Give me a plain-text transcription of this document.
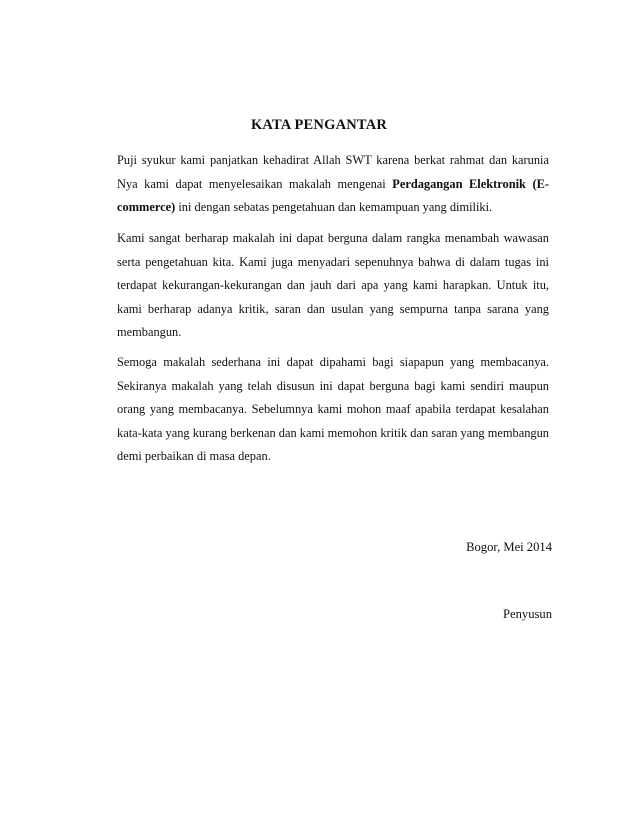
KATA PENGANTAR

Puji syukur kami panjatkan kehadirat Allah SWT karena berkat rahmat dan karunia Nya kami dapat menyelesaikan makalah mengenai Perdagangan Elektronik (E-commerce) ini dengan sebatas pengetahuan dan kemampuan yang dimiliki.

Kami sangat berharap makalah ini dapat berguna dalam rangka menambah wawasan serta pengetahuan kita. Kami juga menyadari sepenuhnya bahwa di dalam tugas ini terdapat kekurangan-kekurangan dan jauh dari apa yang kami harapkan. Untuk itu, kami berharap adanya kritik, saran dan usulan yang sempurna tanpa sarana yang membangun.

Semoga makalah sederhana ini dapat dipahami bagi siapapun yang membacanya. Sekiranya makalah yang telah disusun ini dapat berguna bagi kami sendiri maupun orang yang membacanya. Sebelumnya kami mohon maaf apabila terdapat kesalahan kata-kata yang kurang berkenan dan kami memohon kritik dan saran yang membangun demi perbaikan di masa depan.

Bogor, Mei 2014
Penyusun
